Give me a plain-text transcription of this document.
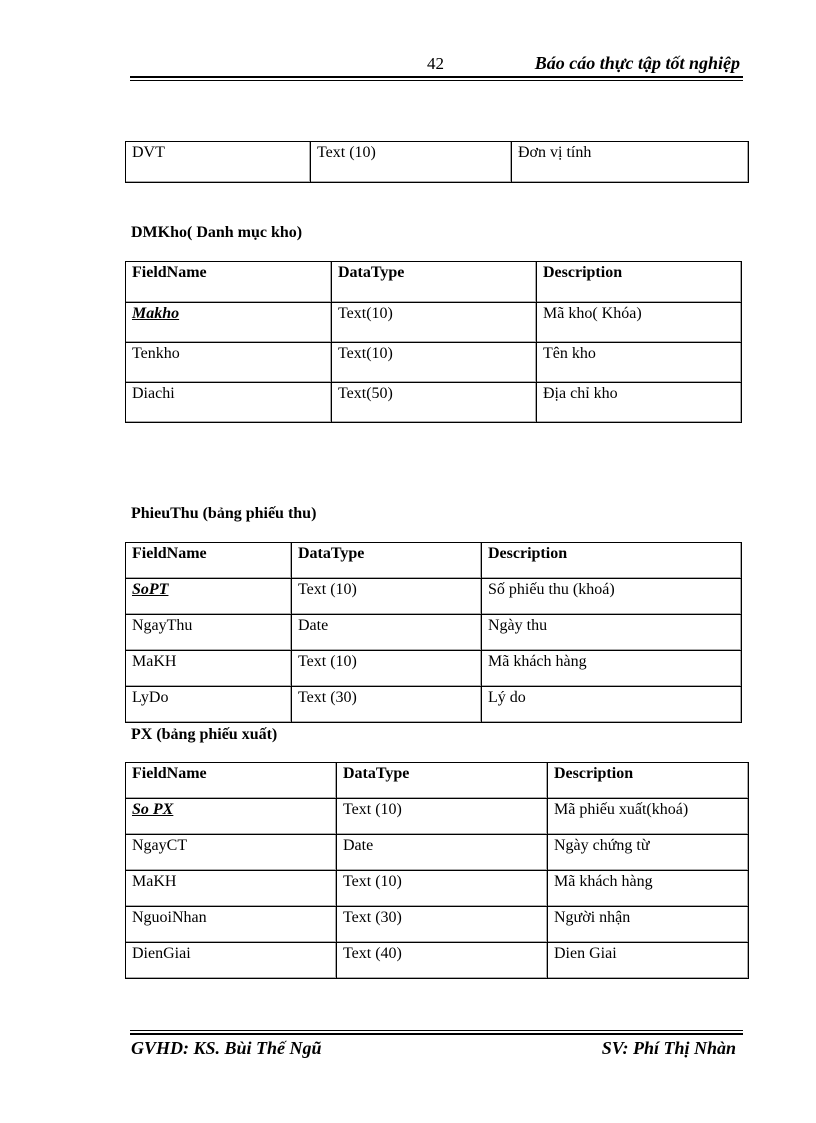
42	Báo cáo thực tập tốt nghiệp
DVT	Text (10)	Đơn vị tính
DMKho( Danh mục kho)
FieldName	DataType	Description
Makho	Text(10)	Mã kho( Khóa)
Tenkho	Text(10)	Tên kho
Diachi	Text(50)	Địa chỉ kho
PhieuThu (bảng phiếu thu)
FieldName	DataType	Description
SoPT	Text (10)	Số phiếu thu (khoá)
NgayThu	Date	Ngày thu
MaKH	Text (10)	Mã khách hàng
LyDo	Text (30)	Lý do
PX (bảng phiếu xuất)
FieldName	DataType	Description
So PX	Text (10)	Mã phiếu xuất(khoá)
NgayCT	Date	Ngày chứng từ
MaKH	Text (10)	Mã khách hàng
NguoiNhan	Text (30)	Người nhận
DienGiai	Text (40)	Dien Giai
GVHD: KS. Bùi Thế Ngũ	SV: Phí Thị Nhàn
